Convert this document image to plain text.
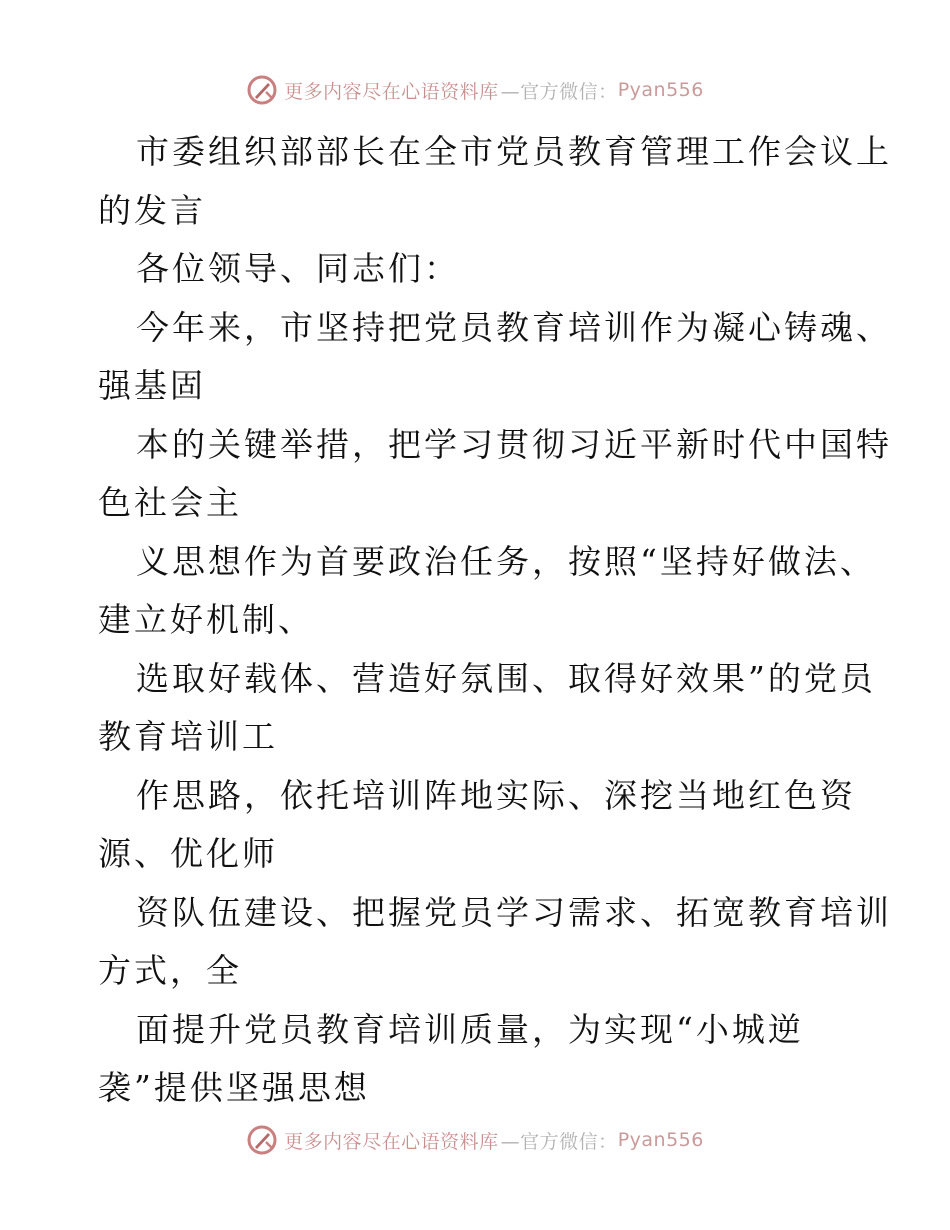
更多内容尽在心语资料库 —官方微信： Pyan556
市委组织部部长在全市党员教育管理工作会议上
的发言
各位领导、同志们：
今年来，市坚持把党员教育培训作为凝心铸魂、
强基固
本的关键举措，把学习贯彻习近平新时代中国特
色社会主
义思想作为首要政治任务，按照“坚持好做法、
建立好机制、
选取好载体、营造好氛围、取得好效果”的党员
教育培训工
作思路，依托培训阵地实际、深挖当地红色资
源、优化师
资队伍建设、把握党员学习需求、拓宽教育培训
方式，全
面提升党员教育培训质量，为实现“小城逆
袭”提供坚强思想
更多内容尽在心语资料库 —官方微信： Pyan556
